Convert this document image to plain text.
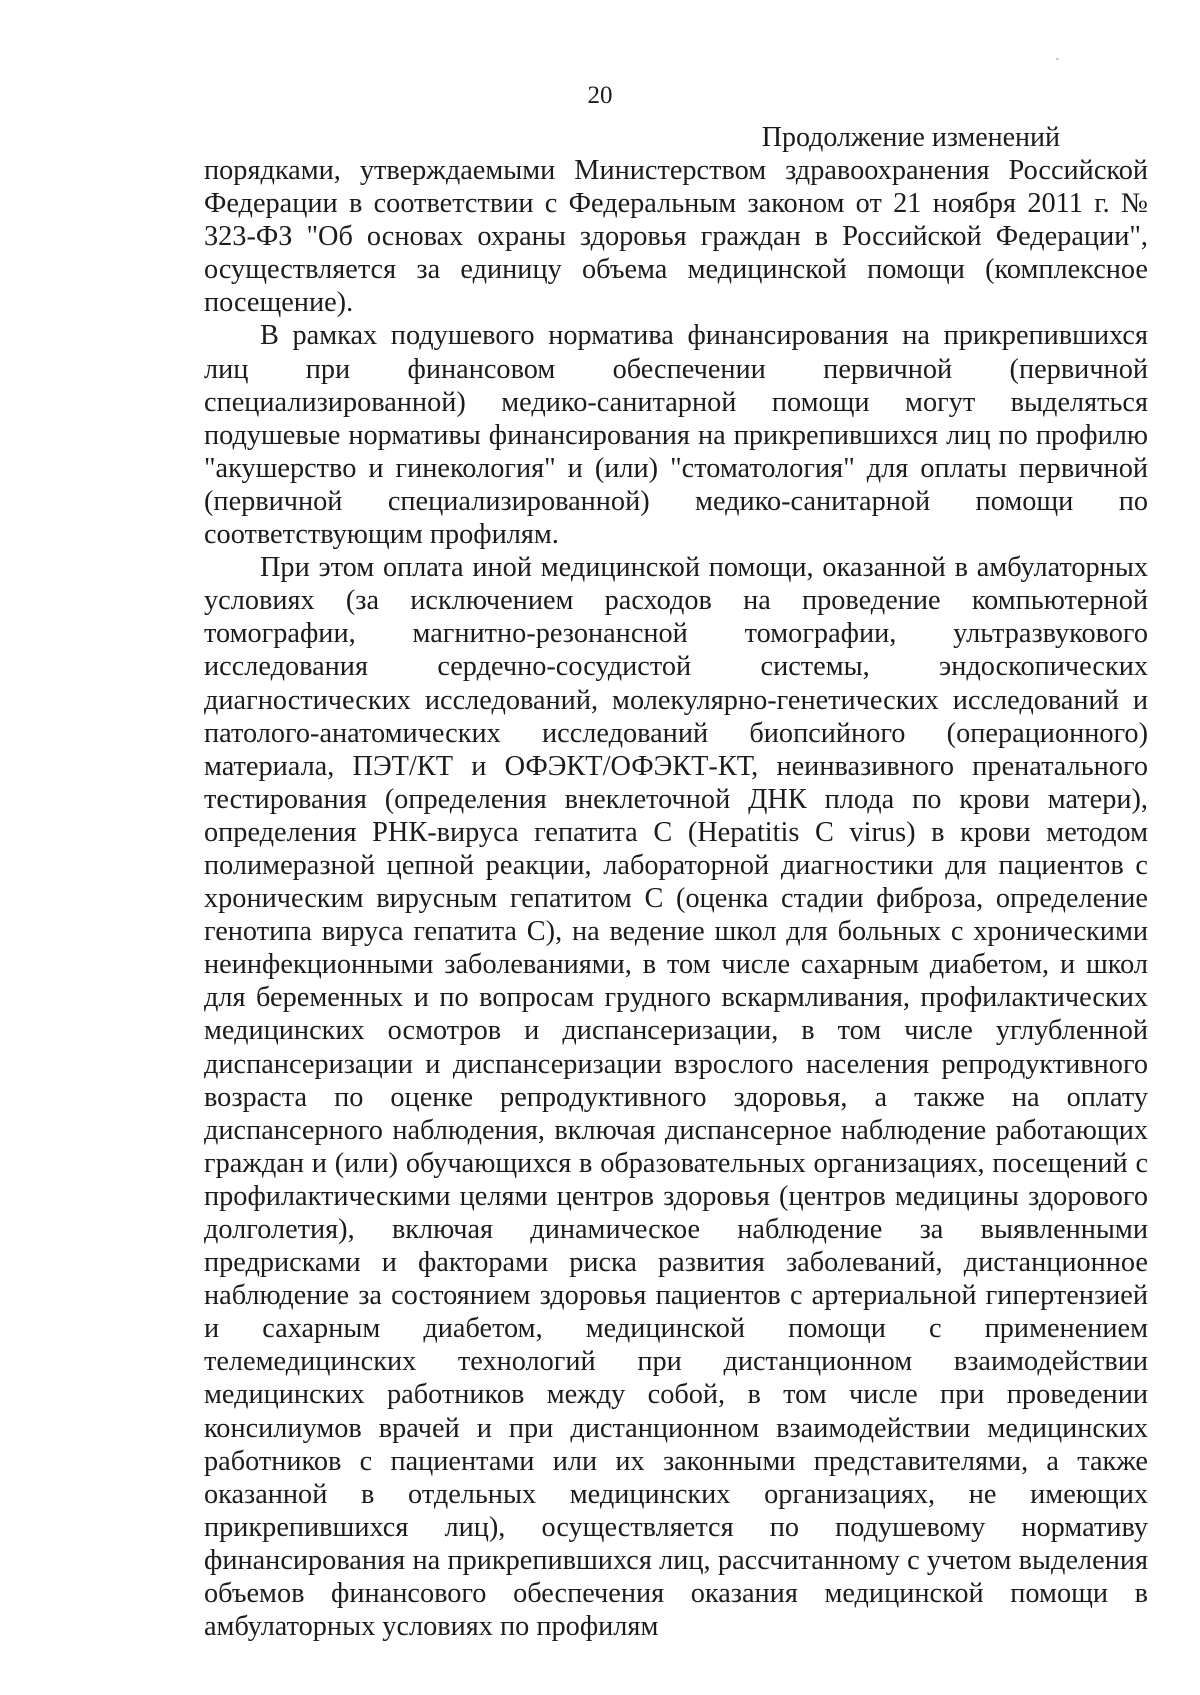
20
Продолжение изменений

порядками, утверждаемыми Министерством здравоохранения Российской Федерации в соответствии с Федеральным законом от 21 ноября 2011 г. № 323-ФЗ "Об основах охраны здоровья граждан в Российской Федерации", осуществляется за единицу объема медицинской помощи (комплексное посещение).

В рамках подушевого норматива финансирования на прикрепившихся лиц при финансовом обеспечении первичной (первичной специализированной) медико-санитарной помощи могут выделяться подушевые нормативы финансирования на прикрепившихся лиц по профилю "акушерство и гинекология" и (или) "стоматология" для оплаты первичной (первичной специализированной) медико-санитарной помощи по соответствующим профилям.

При этом оплата иной медицинской помощи, оказанной в амбулаторных условиях (за исключением расходов на проведение компьютерной томографии, магнитно-резонансной томографии, ультразвукового исследования сердечно-сосудистой системы, эндоскопических диагностических исследований, молекулярно-генетических исследований и патолого-анатомических исследований биопсийного (операционного) материала, ПЭТ/КТ и ОФЭКТ/ОФЭКТ-КТ, неинвазивного пренатального тестирования (определения внеклеточной ДНК плода по крови матери), определения РНК-вируса гепатита С (Hepatitis C virus) в крови методом полимеразной цепной реакции, лабораторной диагностики для пациентов с хроническим вирусным гепатитом С (оценка стадии фиброза, определение генотипа вируса гепатита С), на ведение школ для больных с хроническими неинфекционными заболеваниями, в том числе сахарным диабетом, и школ для беременных и по вопросам грудного вскармливания, профилактических медицинских осмотров и диспансеризации, в том числе углубленной диспансеризации и диспансеризации взрослого населения репродуктивного возраста по оценке репродуктивного здоровья, а также на оплату диспансерного наблюдения, включая диспансерное наблюдение работающих граждан и (или) обучающихся в образовательных организациях, посещений с профилактическими целями центров здоровья (центров медицины здорового долголетия), включая динамическое наблюдение за выявленными предрисками и факторами риска развития заболеваний, дистанционное наблюдение за состоянием здоровья пациентов с артериальной гипертензией и сахарным диабетом, медицинской помощи с применением телемедицинских технологий при дистанционном взаимодействии медицинских работников между собой, в том числе при проведении консилиумов врачей и при дистанционном взаимодействии медицинских работников с пациентами или их законными представителями, а также оказанной в отдельных медицинских организациях, не имеющих прикрепившихся лиц), осуществляется по подушевому нормативу финансирования на прикрепившихся лиц, рассчитанному с учетом выделения объемов финансового обеспечения оказания медицинской помощи в амбулаторных условиях по профилям
